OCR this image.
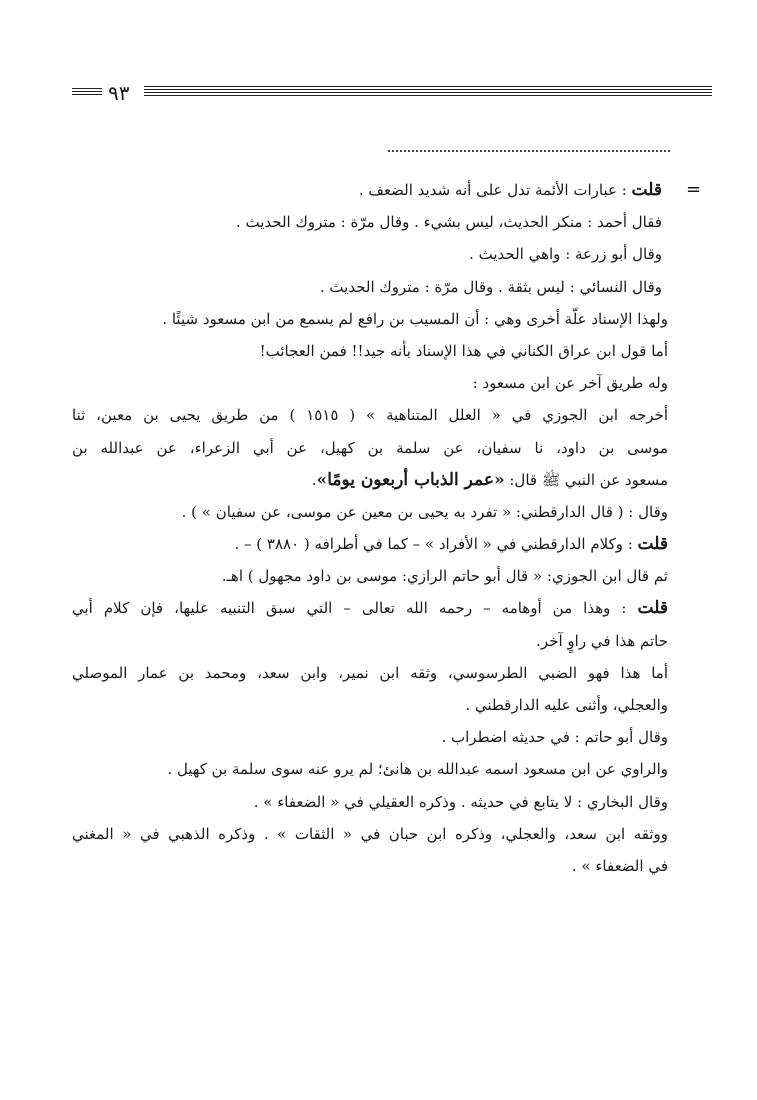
٩٣
=
قلت : عبارات الأئمة تدل على أنه شديد الضعف .
فقال أحمد : منكر الحديث، ليس بشيء . وقال مرّة : متروك الحديث .
وقال أبو زرعة : واهي الحديث .
وقال النسائي : ليس بثقة . وقال مرّة : متروك الحديث .
ولهذا الإسناد علّة أخرى وهي : أن المسيب بن رافع لم يسمع من ابن مسعود شيئًا .
أما قول ابن عراق الكناني في هذا الإسناد بأنه جيد!! فمن العجائب!
وله طريق آخر عن ابن مسعود :
أخرجه ابن الجوزي في « العلل المتناهية » ( ١٥١٥ ) من طريق يحيى بن معين، ثنا
موسى بن داود، نا سفيان، عن سلمة بن كهيل، عن أبي الزعراء، عن عبدالله بن
مسعود عن النبي ﷺ قال: «عمر الذباب أربعون يومًا».
وقال : ( قال الدارقطني: « تفرد به يحيى بن معين عن موسى، عن سفيان » ) .
قلت : وكلام الدارقطني في « الأفراد » – كما في أطرافه ( ٣٨٨٠ ) – .
ثم قال ابن الجوزي: « قال أبو حاتم الرازي: موسى بن داود مجهول ) اهـ.
قلت : وهذا من أوهامه – رحمه الله تعالى – التي سبق التنبيه عليها، فإن كلام أبي
حاتم هذا في راوٍ آخر.
أما هذا فهو الضبي الطرسوسي، وثقه ابن نمير، وابن سعد، ومحمد بن عمار الموصلي
والعجلي، وأثنى عليه الدارقطني .
وقال أبو حاتم : في حديثه اضطراب .
والراوي عن ابن مسعود اسمه عبدالله بن هانئ؛ لم يرو عنه سوى سلمة بن كهيل .
وقال البخاري : لا يتابع في حديثه . وذكره العقيلي في « الضعفاء » .
ووثقه ابن سعد، والعجلي، وذكره ابن حبان في « الثقات » . وذكره الذهبي في « المغني
في الضعفاء » .
